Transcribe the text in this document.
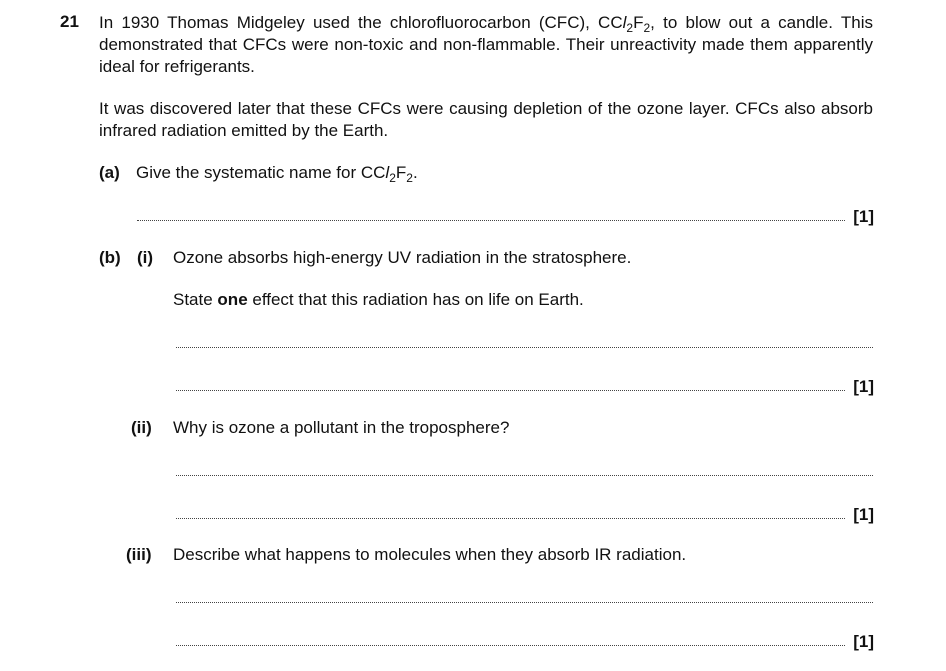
21 In 1930 Thomas Midgeley used the chlorofluorocarbon (CFC), $CCl_2F_2$, to blow out a candle. This demonstrated that CFCs were non-toxic and non-flammable. Their unreactivity made them apparently ideal for refrigerants.
It was discovered later that these CFCs were causing depletion of the ozone layer. CFCs also absorb infrared radiation emitted by the Earth.
(a) Give the systematic name for $CCl_2F_2$.
[1]
(b) (i) Ozone absorbs high-energy UV radiation in the stratosphere.
State one effect that this radiation has on life on Earth.
[1]
(ii) Why is ozone a pollutant in the troposphere?
[1]
(iii) Describe what happens to molecules when they absorb IR radiation.
[1]
